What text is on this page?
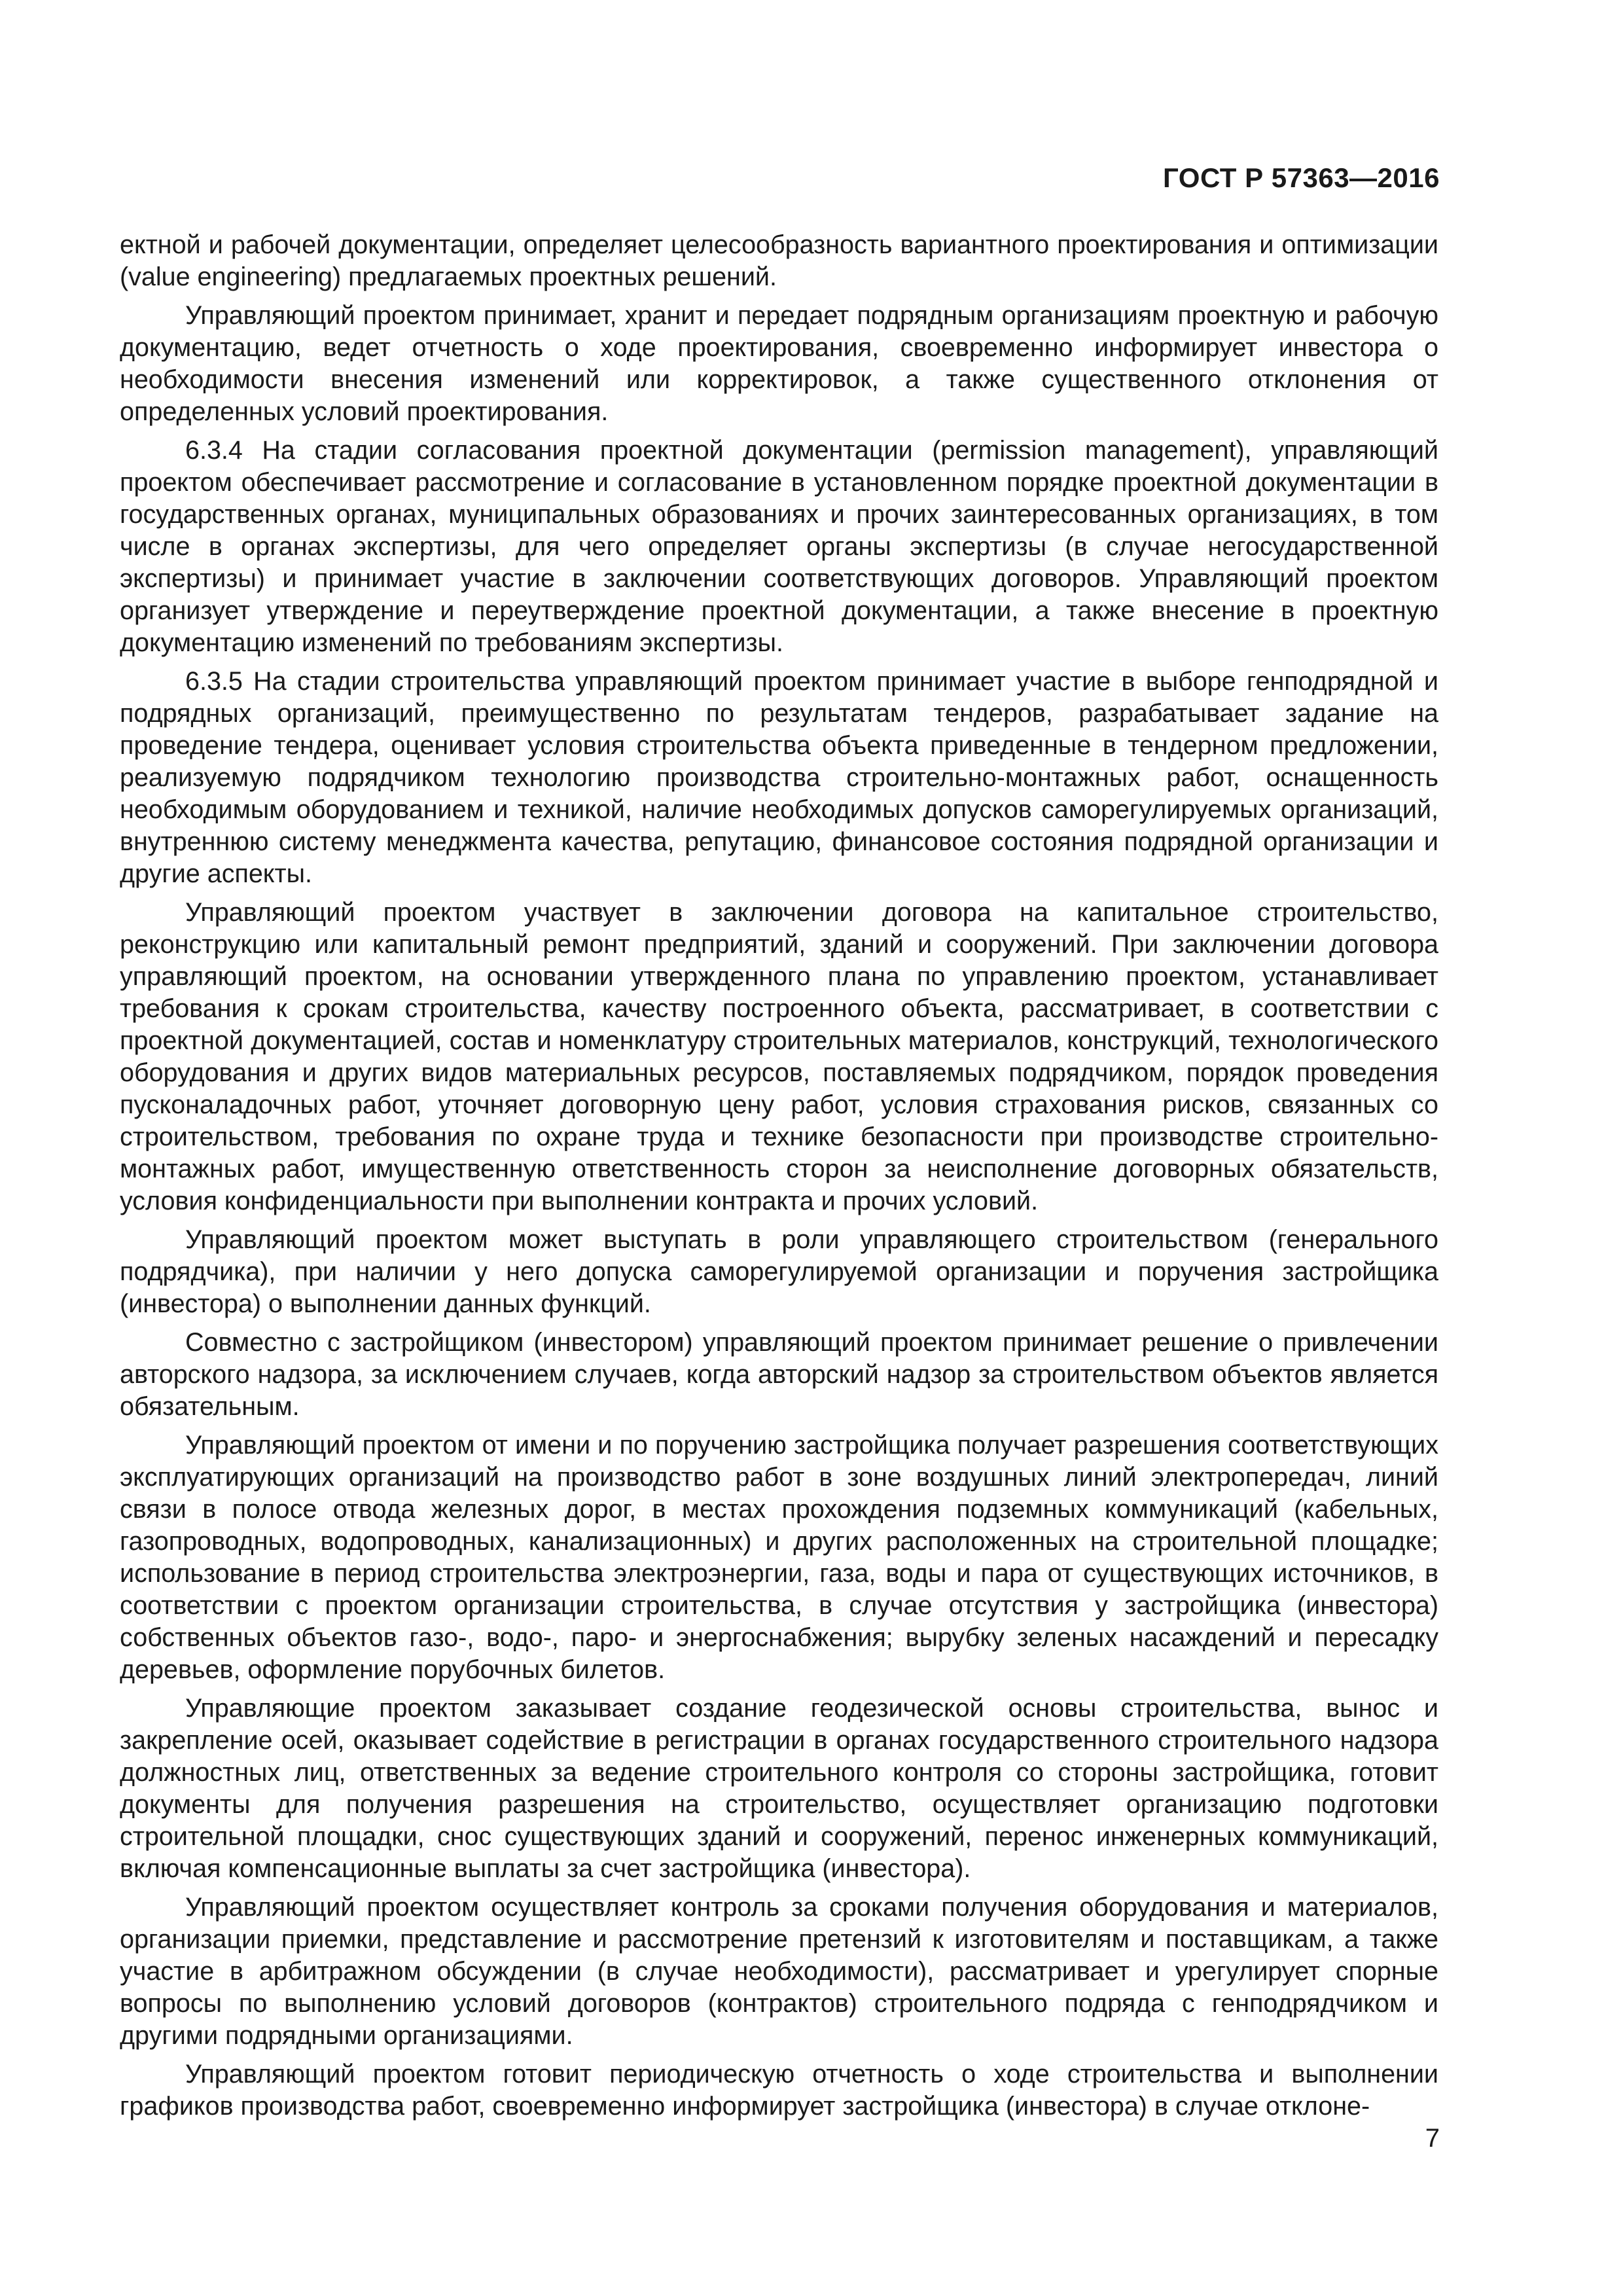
ГОСТ Р 57363—2016

ектной и рабочей документации, определяет целесообразность вариантного проектирования и оптимизации (value engineering) предлагаемых проектных решений.

Управляющий проектом принимает, хранит и передает подрядным организациям проектную и рабочую документацию, ведет отчетность о ходе проектирования, своевременно информирует инвестора о необходимости внесения изменений или корректировок, а также существенного отклонения от определенных условий проектирования.

6.3.4 На стадии согласования проектной документации (permission management), управляющий проектом обеспечивает рассмотрение и согласование в установленном порядке проектной документации в государственных органах, муниципальных образованиях и прочих заинтересованных организациях, в том числе в органах экспертизы, для чего определяет органы экспертизы (в случае негосударственной экспертизы) и принимает участие в заключении соответствующих договоров. Управляющий проектом организует утверждение и переутверждение проектной документации, а также внесение в проектную документацию изменений по требованиям экспертизы.

6.3.5 На стадии строительства управляющий проектом принимает участие в выборе генподрядной и подрядных организаций, преимущественно по результатам тендеров, разрабатывает задание на проведение тендера, оценивает условия строительства объекта приведенные в тендерном предложении, реализуемую подрядчиком технологию производства строительно-монтажных работ, оснащенность необходимым оборудованием и техникой, наличие необходимых допусков саморегулируемых организаций, внутреннюю систему менеджмента качества, репутацию, финансовое состояния подрядной организации и другие аспекты.

Управляющий проектом участвует в заключении договора на капитальное строительство, реконструкцию или капитальный ремонт предприятий, зданий и сооружений. При заключении договора управляющий проектом, на основании утвержденного плана по управлению проектом, устанавливает требования к срокам строительства, качеству построенного объекта, рассматривает, в соответствии с проектной документацией, состав и номенклатуру строительных материалов, конструкций, технологического оборудования и других видов материальных ресурсов, поставляемых подрядчиком, порядок проведения пусконаладочных работ, уточняет договорную цену работ, условия страхования рисков, связанных со строительством, требования по охране труда и технике безопасности при производстве строительно-монтажных работ, имущественную ответственность сторон за неисполнение договорных обязательств, условия конфиденциальности при выполнении контракта и прочих условий.

Управляющий проектом может выступать в роли управляющего строительством (генерального подрядчика), при наличии у него допуска саморегулируемой организации и поручения застройщика (инвестора) о выполнении данных функций.

Совместно с застройщиком (инвестором) управляющий проектом принимает решение о привлечении авторского надзора, за исключением случаев, когда авторский надзор за строительством объектов является обязательным.

Управляющий проектом от имени и по поручению застройщика получает разрешения соответствующих эксплуатирующих организаций на производство работ в зоне воздушных линий электропередач, линий связи в полосе отвода железных дорог, в местах прохождения подземных коммуникаций (кабельных, газопроводных, водопроводных, канализационных) и других расположенных на строительной площадке; использование в период строительства электроэнергии, газа, воды и пара от существующих источников, в соответствии с проектом организации строительства, в случае отсутствия у застройщика (инвестора) собственных объектов газо-, водо-, паро- и энергоснабжения; вырубку зеленых насаждений и пересадку деревьев, оформление порубочных билетов.

Управляющие проектом заказывает создание геодезической основы строительства, вынос и закрепление осей, оказывает содействие в регистрации в органах государственного строительного надзора должностных лиц, ответственных за ведение строительного контроля со стороны застройщика, готовит документы для получения разрешения на строительство, осуществляет организацию подготовки строительной площадки, снос существующих зданий и сооружений, перенос инженерных коммуникаций, включая компенсационные выплаты за счет застройщика (инвестора).

Управляющий проектом осуществляет контроль за сроками получения оборудования и материалов, организации приемки, представление и рассмотрение претензий к изготовителям и поставщикам, а также участие в арбитражном обсуждении (в случае необходимости), рассматривает и урегулирует спорные вопросы по выполнению условий договоров (контрактов) строительного подряда с генподрядчиком и другими подрядными организациями.

Управляющий проектом готовит периодическую отчетность о ходе строительства и выполнении графиков производства работ, своевременно информирует застройщика (инвестора) в случае отклоне-

7
